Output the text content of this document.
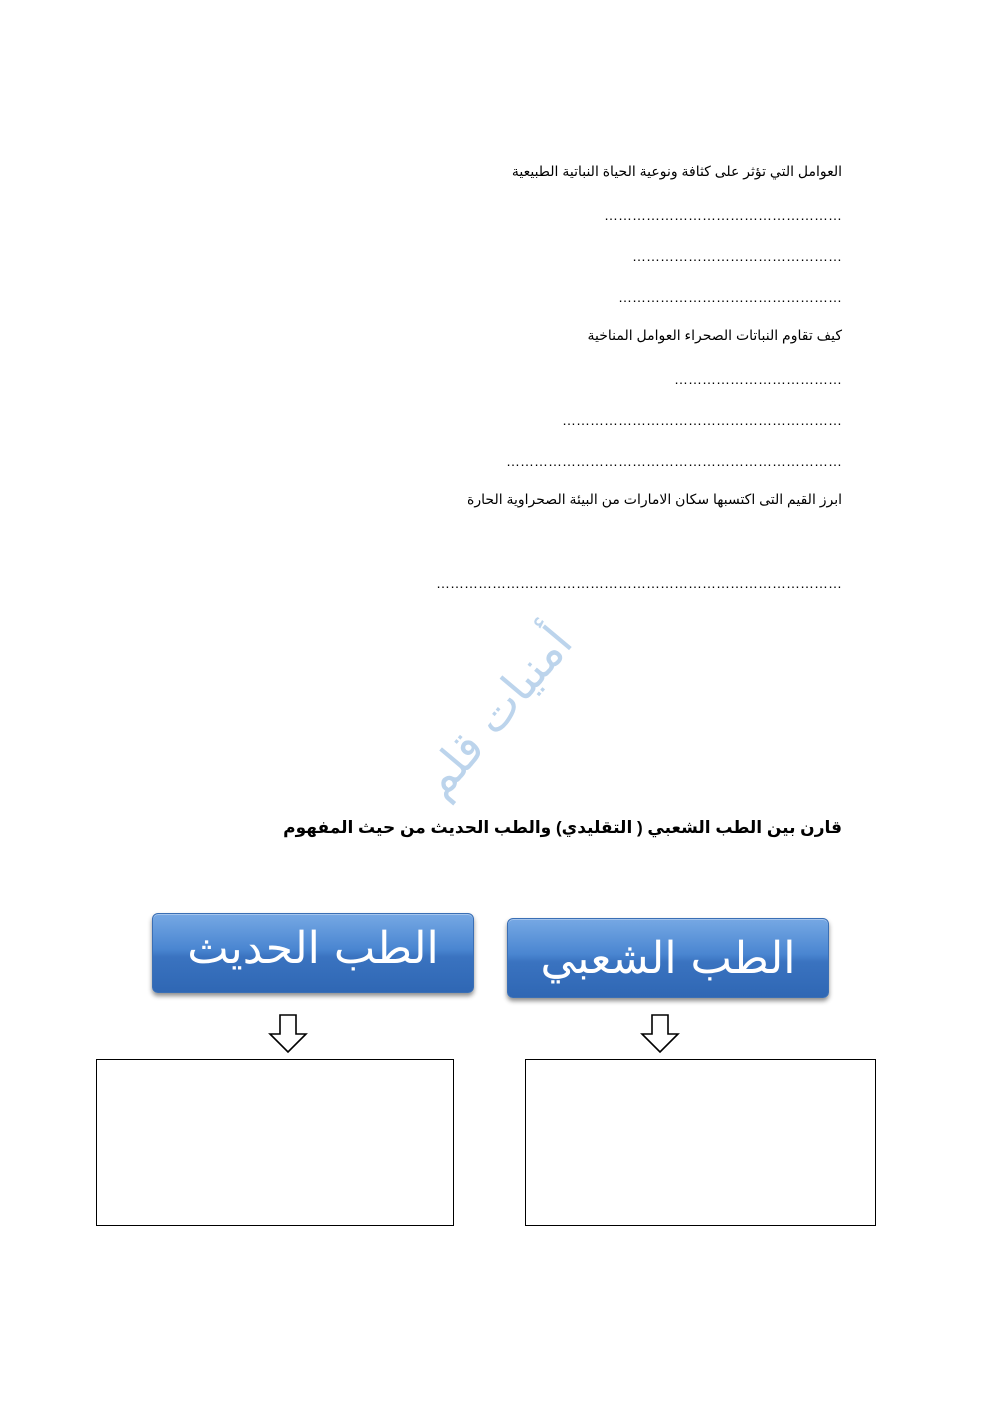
العوامل التي تؤثر على كثافة ونوعية الحياة النباتية الطبيعية
……………………………………………
………………………………………
…………………………………………
كيف تقاوم النباتات الصحراء العوامل المناخية
………………………………
……………………………………………………
………………………………………………………………
ابرز القيم التى اكتسبها سكان الامارات من البيئة الصحراوية الحارة
……………………………………………………………………………
أمنيات قلم
قارن بين الطب الشعبي ( التقليدي) والطب الحديث من حيث المفهوم
الطب الحديث	الطب الشعبي
